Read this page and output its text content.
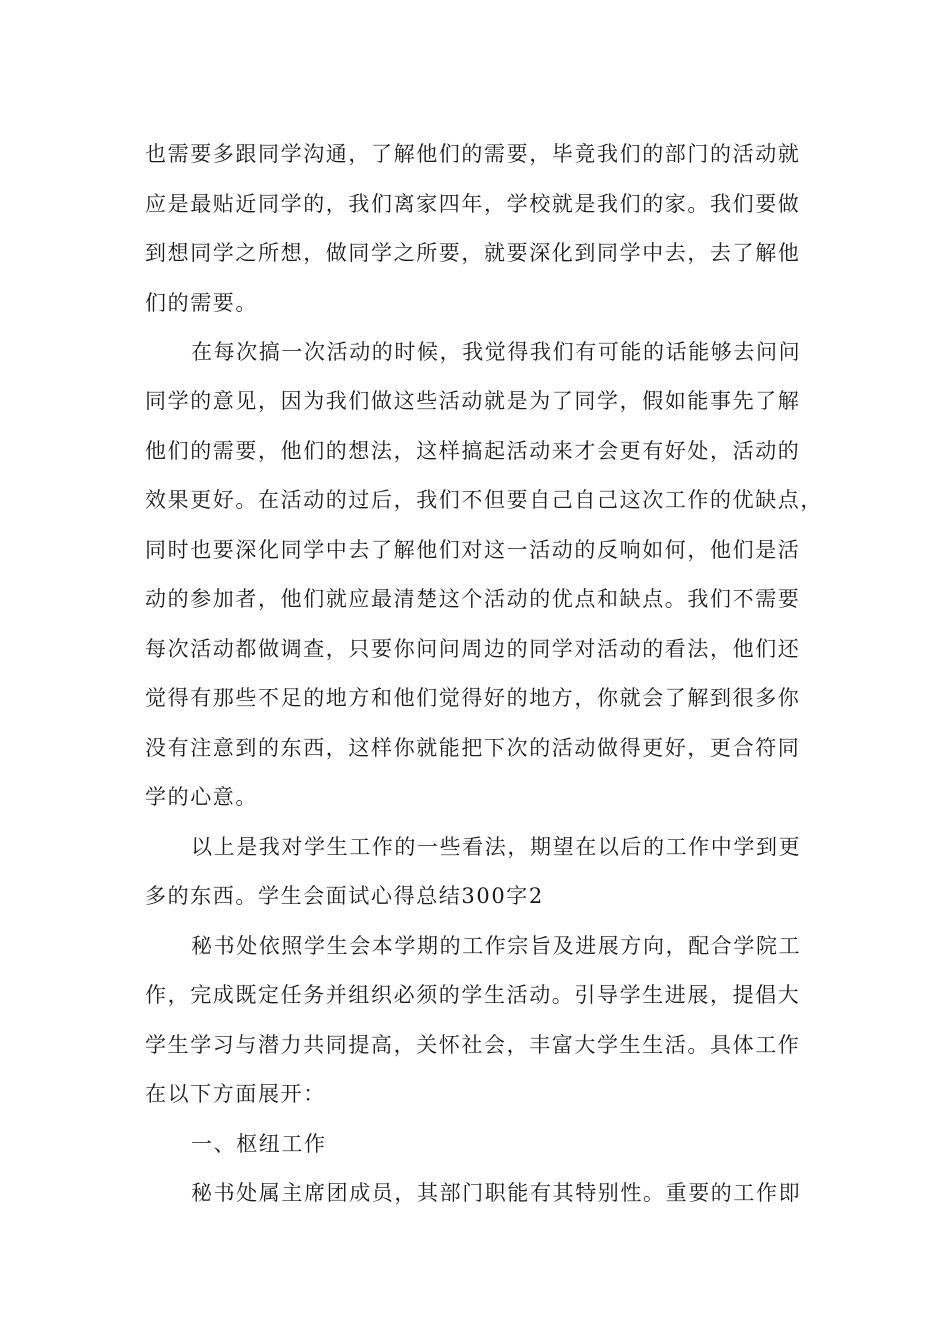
也需要多跟同学沟通，了解他们的需要，毕竟我们的部门的活动就
应是最贴近同学的，我们离家四年，学校就是我们的家。我们要做
到想同学之所想，做同学之所要，就要深化到同学中去，去了解他
们的需要。
在每次搞一次活动的时候，我觉得我们有可能的话能够去问问
同学的意见，因为我们做这些活动就是为了同学，假如能事先了解
他们的需要，他们的想法，这样搞起活动来才会更有好处，活动的
效果更好。在活动的过后，我们不但要自己自己这次工作的优缺点，
同时也要深化同学中去了解他们对这一活动的反响如何，他们是活
动的参加者，他们就应最清楚这个活动的优点和缺点。我们不需要
每次活动都做调查，只要你问问周边的同学对活动的看法，他们还
觉得有那些不足的地方和他们觉得好的地方，你就会了解到很多你
没有注意到的东西，这样你就能把下次的活动做得更好，更合符同
学的心意。
以上是我对学生工作的一些看法，期望在以后的工作中学到更
多的东西。学生会面试心得总结300字2
秘书处依照学生会本学期的工作宗旨及进展方向，配合学院工
作，完成既定任务并组织必须的学生活动。引导学生进展，提倡大
学生学习与潜力共同提高，关怀社会，丰富大学生生活。具体工作
在以下方面展开：
一、枢纽工作
秘书处属主席团成员，其部门职能有其特别性。重要的工作即
